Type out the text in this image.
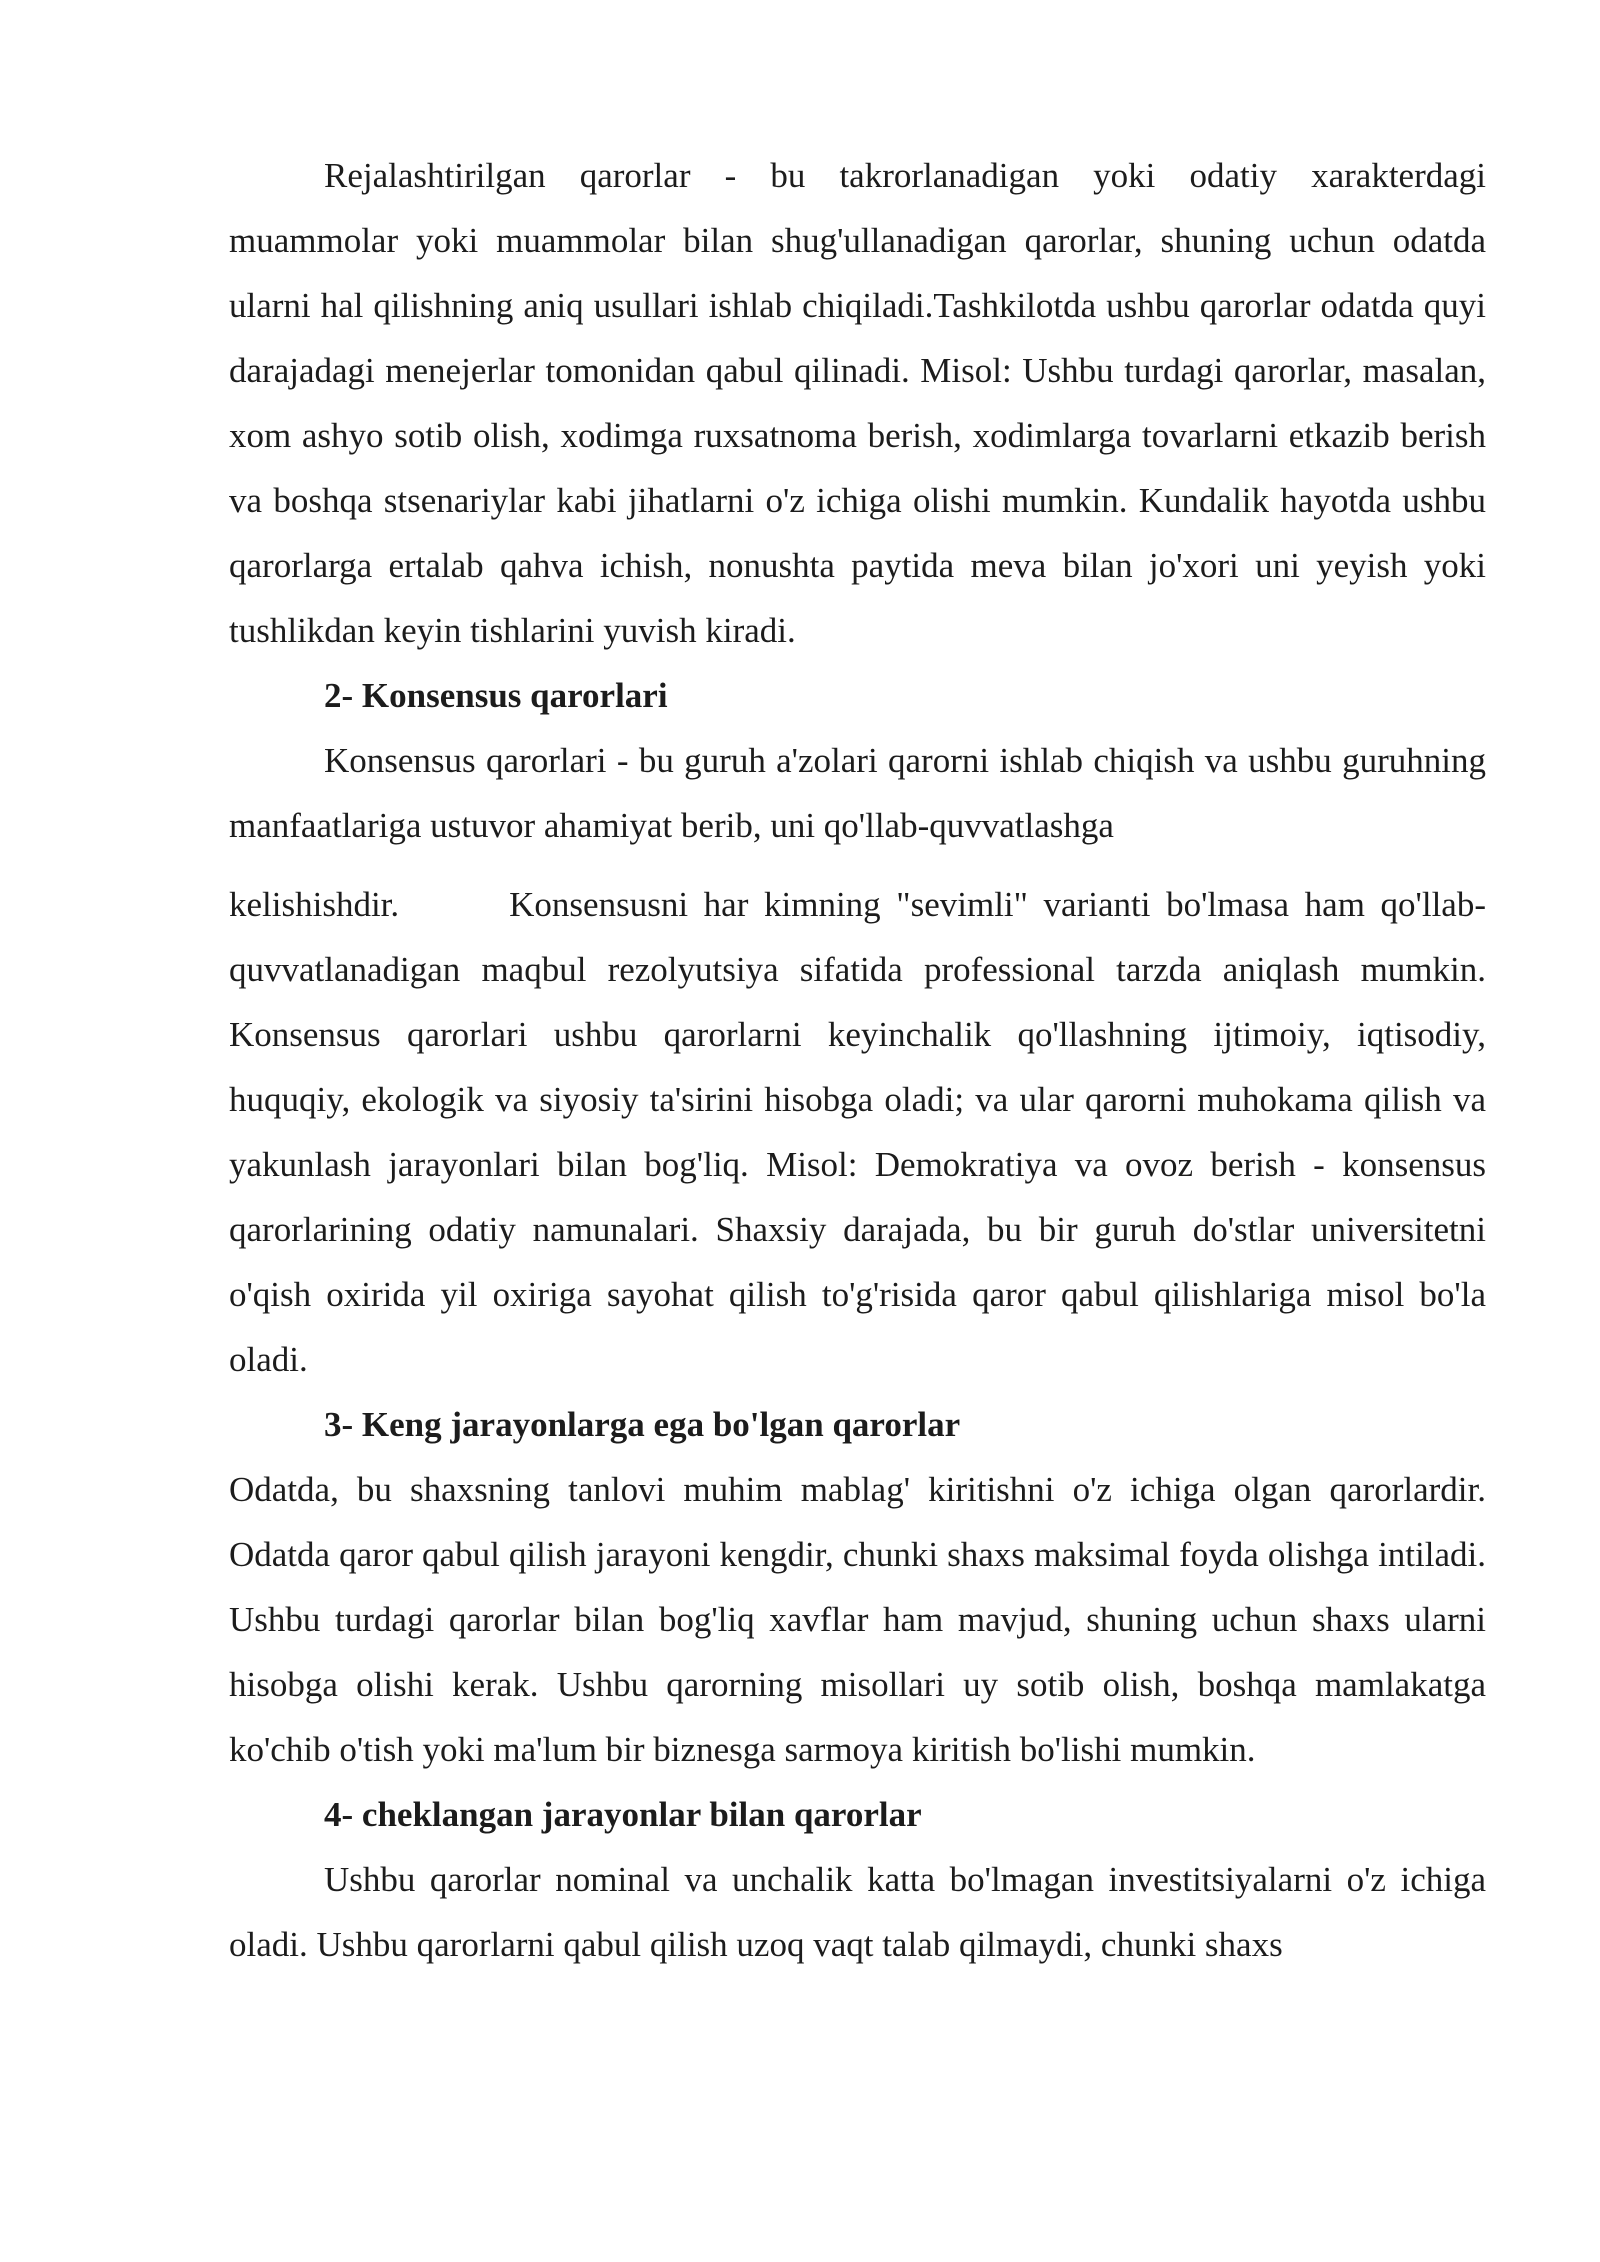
Rejalashtirilgan qarorlar - bu takrorlanadigan yoki odatiy xarakterdagi muammolar yoki muammolar bilan shug'ullanadigan qarorlar, shuning uchun odatda ularni hal qilishning aniq usullari ishlab chiqiladi.Tashkilotda ushbu qarorlar odatda quyi darajadagi menejerlar tomonidan qabul qilinadi. Misol: Ushbu turdagi qarorlar, masalan, xom ashyo sotib olish, xodimga ruxsatnoma berish, xodimlarga tovarlarni etkazib berish va boshqa stsenariylar kabi jihatlarni o'z ichiga olishi mumkin. Kundalik hayotda ushbu qarorlarga ertalab qahva ichish, nonushta paytida meva bilan jo'xori uni yeyish yoki tushlikdan keyin tishlarini yuvish kiradi.

2- Konsensus qarorlari

Konsensus qarorlari - bu guruh a'zolari qarorni ishlab chiqish va ushbu guruhning manfaatlariga ustuvor ahamiyat berib, uni qo'llab-quvvatlashga

kelishishdir.	Konsensusni har kimning "sevimli" varianti bo'lmasa ham qo'llab-quvvatlanadigan maqbul rezolyutsiya sifatida professional tarzda aniqlash mumkin. Konsensus qarorlari ushbu qarorlarni keyinchalik qo'llashning ijtimoiy, iqtisodiy, huquqiy, ekologik va siyosiy ta'sirini hisobga oladi; va ular qarorni muhokama qilish va yakunlash jarayonlari bilan bog'liq. Misol: Demokratiya va ovoz berish - konsensus qarorlarining odatiy namunalari. Shaxsiy darajada, bu bir guruh do'stlar universitetni o'qish oxirida yil oxiriga sayohat qilish to'g'risida qaror qabul qilishlariga misol bo'la oladi.

3- Keng jarayonlarga ega bo'lgan qarorlar

Odatda, bu shaxsning tanlovi muhim mablag' kiritishni o'z ichiga olgan qarorlardir. Odatda qaror qabul qilish jarayoni kengdir, chunki shaxs maksimal foyda olishga intiladi. Ushbu turdagi qarorlar bilan bog'liq xavflar ham mavjud, shuning uchun shaxs ularni hisobga olishi kerak. Ushbu qarorning misollari uy sotib olish, boshqa mamlakatga ko'chib o'tish yoki ma'lum bir biznesga sarmoya kiritish bo'lishi mumkin.

4- cheklangan jarayonlar bilan qarorlar

Ushbu qarorlar nominal va unchalik katta bo'lmagan investitsiyalarni o'z ichiga oladi. Ushbu qarorlarni qabul qilish uzoq vaqt talab qilmaydi, chunki shaxs
